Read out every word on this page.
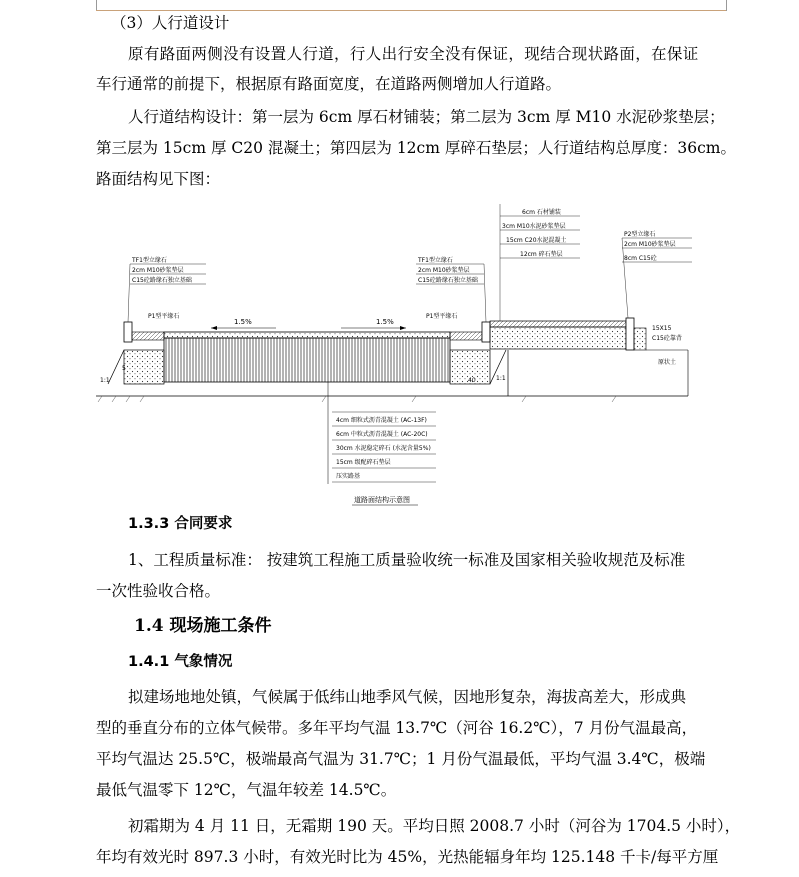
（3）人行道设计
原有路面两侧没有设置人行道，行人出行安全没有保证，现结合现状路面，在保证
车行通常的前提下，根据原有路面宽度，在道路两侧增加人行道路。
人行道结构设计：第一层为 6cm 厚石材铺装；第二层为 3cm 厚 M10 水泥砂浆垫层；
第三层为 15cm 厚 C20 混凝土；第四层为 12cm 厚碎石垫层；人行道结构总厚度：36cm。
路面结构见下图：
1.5%	1.5%
TF1型立缘石
2cm M10砂浆垫层
C15砼路缘石独立基础
P1型平缘石
TF1型立缘石
2cm M10砂浆垫层
C15砼路缘石独立基础
P1型平缘石
6cm 石材铺装
3cm M10水泥砂浆垫层
15cm C20水泥混凝土
12cm 碎石垫层
P2型立缘石
2cm M10砂浆垫层
8cm C15砼
15X15
C15砼靠背
原状土
1:1	1:1
5
40
4cm 细粒式沥青混凝土 (AC-13F)
6cm 中粒式沥青混凝土 (AC-20C)
30cm 水泥稳定碎石 (水泥含量5%)
15cm 级配碎石垫层
压实路基
道路面结构示意图
1.3.3 合同要求
1、工程质量标准： 按建筑工程施工质量验收统一标准及国家相关验收规范及标准
一次性验收合格。
1.4 现场施工条件
1.4.1 气象情况
拟建场地地处镇，气候属于低纬山地季风气候，因地形复杂，海拔高差大，形成典
型的垂直分布的立体气候带。多年平均气温 13.7℃（河谷 16.2℃），7 月份气温最高，
平均气温达 25.5℃，极端最高气温为 31.7℃；1 月份气温最低，平均气温 3.4℃，极端
最低气温零下 12℃，气温年较差 14.5℃。
初霜期为 4 月 11 日，无霜期 190 天。平均日照 2008.7 小时（河谷为 1704.5 小时），
年均有效光时 897.3 小时，有效光时比为 45%，光热能辐身年均 125.148 千卡/每平方厘
